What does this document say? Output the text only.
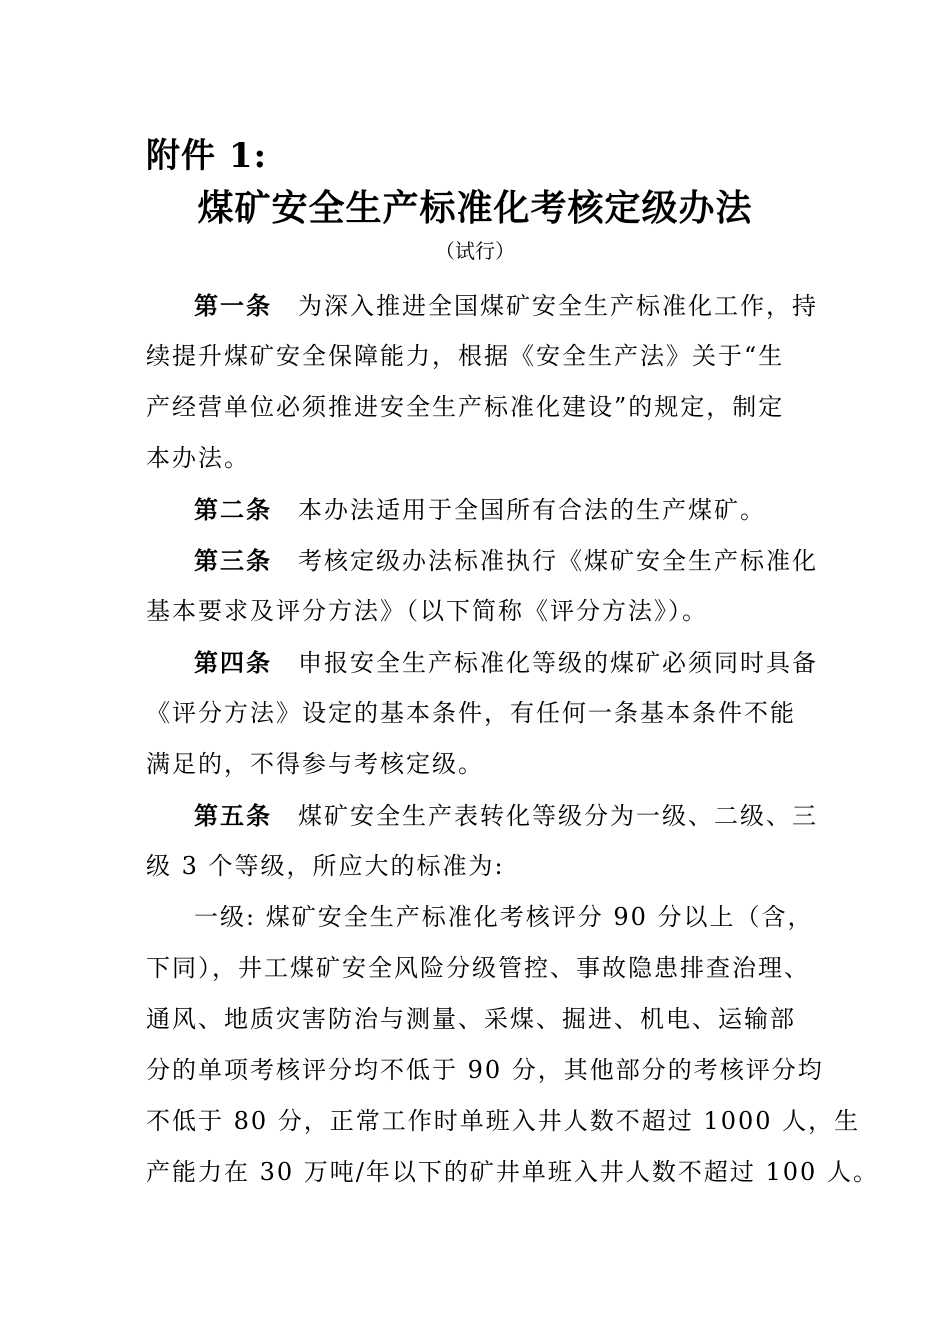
附件 1:
煤矿安全生产标准化考核定级办法
（试行）
第一条 为深入推进全国煤矿安全生产标准化工作，持
续提升煤矿安全保障能力，根据《安全生产法》关于“生
产经营单位必须推进安全生产标准化建设”的规定，制定
本办法。
第二条 本办法适用于全国所有合法的生产煤矿。
第三条 考核定级办法标准执行《煤矿安全生产标准化
基本要求及评分方法》（以下简称《评分方法》）。
第四条 申报安全生产标准化等级的煤矿必须同时具备
《评分方法》设定的基本条件，有任何一条基本条件不能
满足的，不得参与考核定级。
第五条 煤矿安全生产表转化等级分为一级、二级、三
级 3 个等级，所应大的标准为:
一级: 煤矿安全生产标准化考核评分 90 分以上（含，
下同），井工煤矿安全风险分级管控、事故隐患排查治理、
通风、地质灾害防治与测量、采煤、掘进、机电、运输部
分的单项考核评分均不低于 90 分，其他部分的考核评分均
不低于 80 分，正常工作时单班入井人数不超过 1000 人，生
产能力在 30 万吨/年以下的矿井单班入井人数不超过 100 人。
